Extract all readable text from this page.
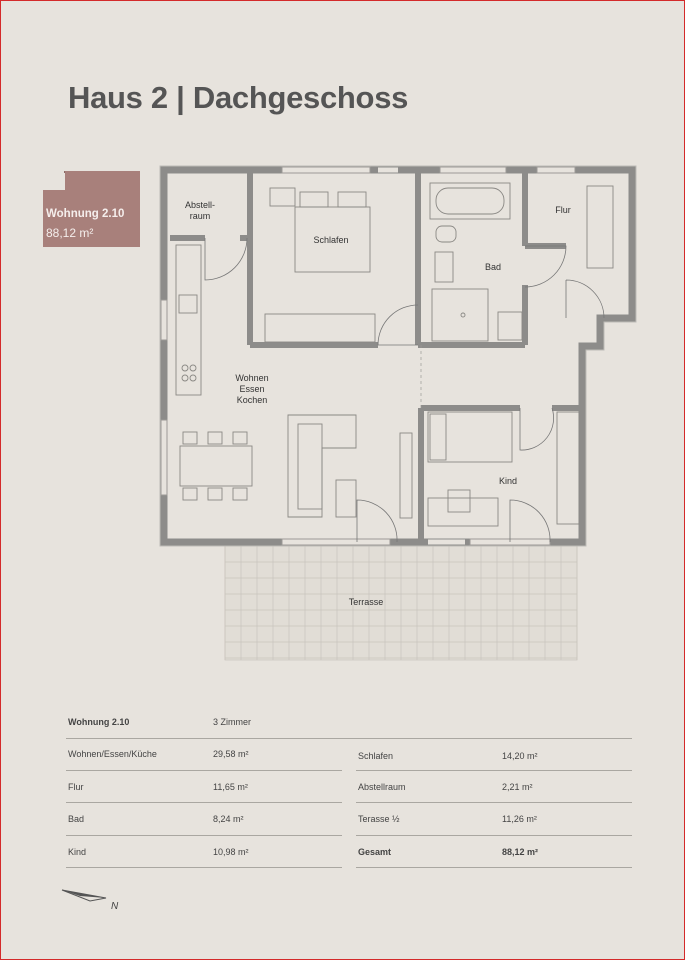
Haus 2 | Dachgeschoss
Wohnung 2.10
88,12 m²
Abstell-
raum
Schlafen
Bad
Flur
Wohnen
Essen
Kochen
Kind
Terrasse
Wohnung 2.10	3 Zimmer
Wohnen/Essen/Küche	29,58 m²	Schlafen	14,20 m²
Flur	11,65 m²	Abstellraum	2,21 m²
Bad	8,24 m²	Terasse ½	11,26 m²
Kind	10,98 m²	Gesamt	88,12 m²
N
